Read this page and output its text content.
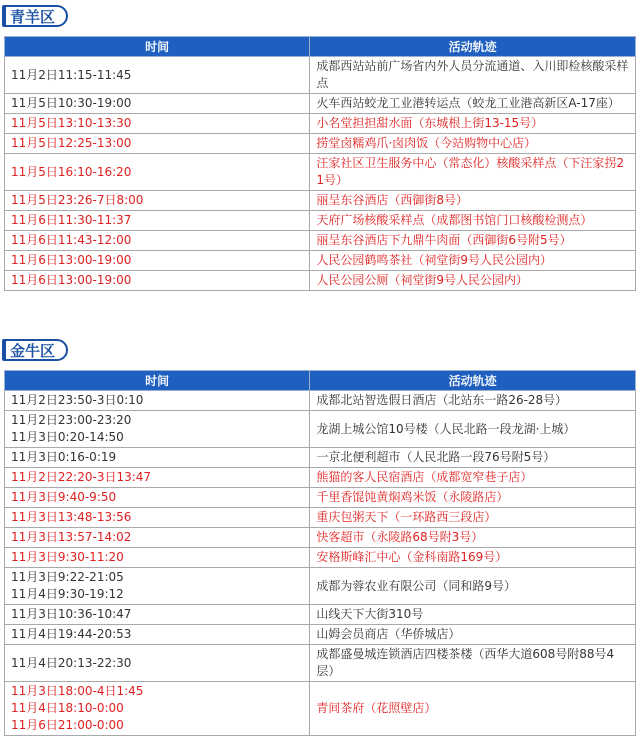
青羊区
时间	活动轨迹

11月2日11:15-11:45	成都西站站前广场省内外人员分流通道、入川即检核酸采样点

11月5日10:30-19:00	火车西站蛟龙工业港转运点（蛟龙工业港高新区A-17座）

11月5日13:10-13:30	小名堂担担甜水面（东城根上街13-15号）

11月5日12:25-13:00	捞堂卤糯鸡爪·卤肉饭（今站购物中心店）

11月5日16:10-16:20	汪家社区卫生服务中心（常态化）核酸采样点（下汪家拐21号）

11月5日23:26-7日8:00	丽呈东谷酒店（西御街8号）

11月6日11:30-11:37	天府广场核酸采样点（成都图书馆门口核酸检测点）

11月6日11:43-12:00	丽呈东谷酒店下九鼎牛肉面（西御街6号附5号）

11月6日13:00-19:00	人民公园鹤鸣茶社（祠堂街9号人民公园内）

11月6日13:00-19:00	人民公园公厕（祠堂街9号人民公园内）
金牛区
时间	活动轨迹

11月2日23:50-3日0:10	成都北站智选假日酒店（北站东一路26-28号）

11月2日23:00-23:20
11月3日0:20-14:50	龙湖上城公馆10号楼（人民北路一段龙湖·上城）

11月3日0:16-0:19	一京北便利超市（人民北路一段76号附5号）

11月2日22:20-3日13:47	熊猫的客人民宿酒店（成都宽窄巷子店）

11月3日9:40-9:50	千里香馄饨黄焖鸡米饭（永陵路店）

11月3日13:48-13:56	重庆包粥天下（一环路西三段店）

11月3日13:57-14:02	快客超市（永陵路68号附3号）

11月3日9:30-11:20	安格斯峰汇中心（金科南路169号）

11月3日9:22-21:05
11月4日9:30-19:12	成都为蓉农业有限公司（同和路9号）

11月3日10:36-10:47	山线天下大街310号

11月4日19:44-20:53	山姆会员商店（华侨城店）

11月4日20:13-22:30	成都盛曼城连锁酒店四楼茶楼（西华大道608号附88号4层）

11月3日18:00-4日1:45
11月4日18:10-0:00
11月6日21:00-0:00	青间茶府（花照壁店）
